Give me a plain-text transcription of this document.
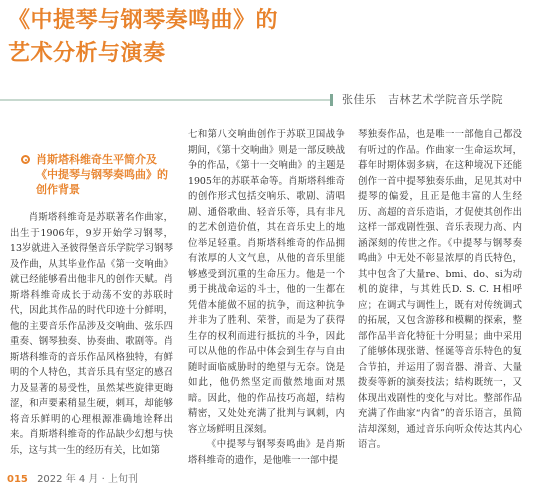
《中提琴与钢琴奏鸣曲》的
艺术分析与演奏
张佳乐　吉林艺术学院音乐学院
肖斯塔科维奇生平简介及《中提琴与钢琴奏鸣曲》的创作背景

肖斯塔科维奇是苏联著名作曲家，出生于1906年，9岁开始学习钢琴，13岁就进入圣彼得堡音乐学院学习钢琴及作曲，从其毕业作品《第一交响曲》就已经能够看出他非凡的创作天赋。肖斯塔科维奇成长于动荡不安的苏联时代，因此其作品的时代印迹十分鲜明，他的主要音乐作品涉及交响曲、弦乐四重奏、钢琴独奏、协奏曲、歌剧等。肖斯塔科维奇的音乐作品风格独特，有鲜明的个人特色，其音乐具有坚定的感召力及显著的易受性，虽然某些旋律更晦涩，和声要素稍显生硬，刺耳，却能够将音乐鲜明的心理根源准确地诠释出来。肖斯塔科维奇的作品缺少幻想与快乐，这与其一生的经历有关，比如第

七和第八交响曲创作于苏联卫国战争期间，《第十交响曲》则是一部反映战争的作品，《第十一交响曲》的主题是1905年的苏联革命等。肖斯塔科维奇的创作形式包括交响乐、歌剧、清唱剧、通俗歌曲、轻音乐等，具有非凡的艺术创造价值，其在音乐史上的地位举足轻重。肖斯塔科维奇的作品拥有浓厚的人文气息，从他的音乐里能够感受到沉重的生命压力。他是一个勇于挑战命运的斗士，他的一生都在凭借本能做不屈的抗争，而这种抗争并非为了胜利、荣誉，而是为了获得生存的权利而进行抵抗的斗争，因此可以从他的作品中体会到生存与自由随时面临威胁时的绝望与无奈。饶是如此，他仍然坚定而傲然地面对黑暗。因此，他的作品技巧高超，结构精密，又处处充满了批判与讽刺，内容立场鲜明且深刻。

《中提琴与钢琴奏鸣曲》是肖斯塔科维奇的遗作，是他唯一一部中提

琴独奏作品，也是唯一一部他自己都没有听过的作品。作曲家一生命运坎坷，暮年时期体弱多病，在这种境况下还能创作一首中提琴独奏乐曲，足见其对中提琴的偏爱，且正是他丰富的人生经历、高超的音乐造诣，才促使其创作出这样一部戏剧性强、音乐表现力高、内涵深刻的传世之作。《中提琴与钢琴奏鸣曲》中无处不彰显浓厚的肖氏特色，其中包含了大量re、bmi、do、si为动机的旋律，与其姓氏D. S. C. H相呼应；在调式与调性上，既有对传统调式的拓展，又包含游移和模糊的探索，整部作品半音化特征十分明显；曲中采用了能够体现张谐、怪诞等音乐特色的复合节拍，并运用了弱音器、滑音、大量拨奏等新的演奏技法；结构既统一，又体现出戏剧性的变化与对比。整部作品充满了作曲家“内省”的音乐语言，虽简洁却深刻，通过音乐向听众传达其内心语言。

015 2022 年 4 月 · 上旬刊
